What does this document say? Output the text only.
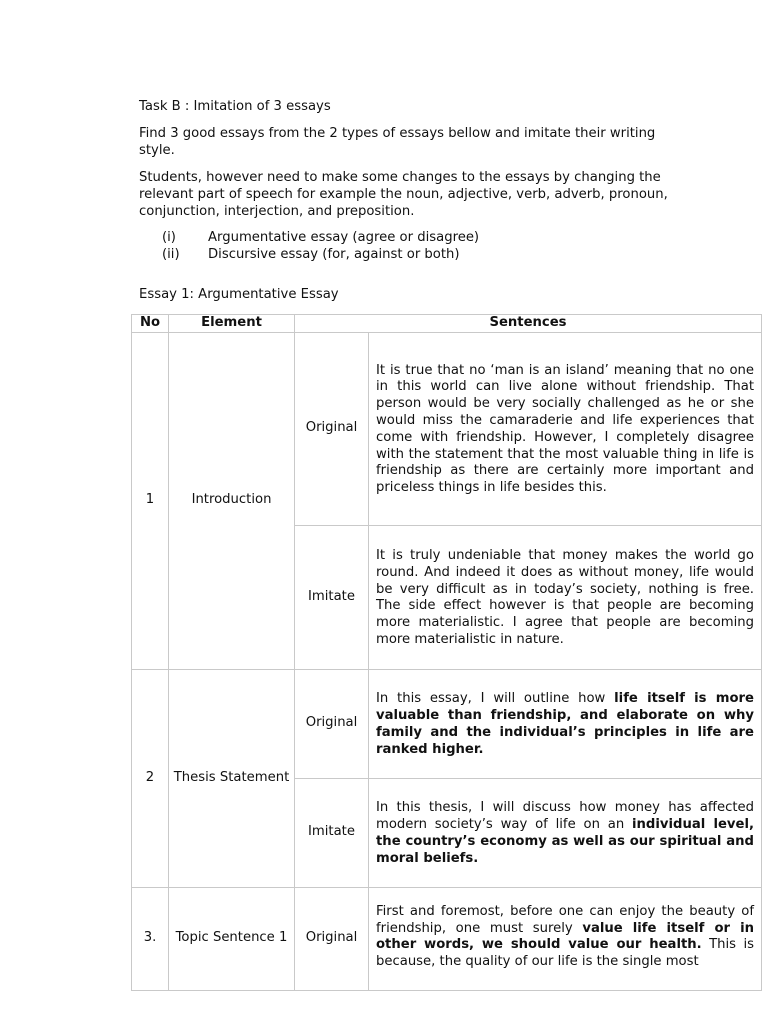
Task B : Imitation of 3 essays

Find 3 good essays from the 2 types of essays bellow and imitate their writing style.

Students, however need to make some changes to the essays by changing the relevant part of speech for example the noun, adjective, verb, adverb, pronoun, conjunction, interjection, and preposition.

(i)	Argumentative essay (agree or disagree)
(ii)	Discursive essay (for, against or both)

Essay 1: Argumentative Essay

No	Element	Sentences	
1	Introduction	Original	It is true that no ‘man is an island’ meaning that no one in this world can live alone without friendship. That person would be very socially challenged as he or she would miss the camaraderie and life experiences that come with friendship. However, I completely disagree with the statement that the most valuable thing in life is friendship as there are certainly more important and priceless things in life besides this.
		Imitate	It is truly undeniable that money makes the world go round. And indeed it does as without money, life would be very difficult as in today’s society, nothing is free. The side effect however is that people are becoming more materialistic. I agree that people are becoming more materialistic in nature.
2	Thesis Statement	Original	In this essay, I will outline how life itself is more valuable than friendship, and elaborate on why family and the individual’s principles in life are ranked higher.
		Imitate	In this thesis, I will discuss how money has affected modern society’s way of life on an individual level, the country’s economy as well as our spiritual and moral beliefs.
3.	Topic Sentence 1	Original	First and foremost, before one can enjoy the beauty of friendship, one must surely value life itself or in other words, we should value our health. This is because, the quality of our life is the single most
